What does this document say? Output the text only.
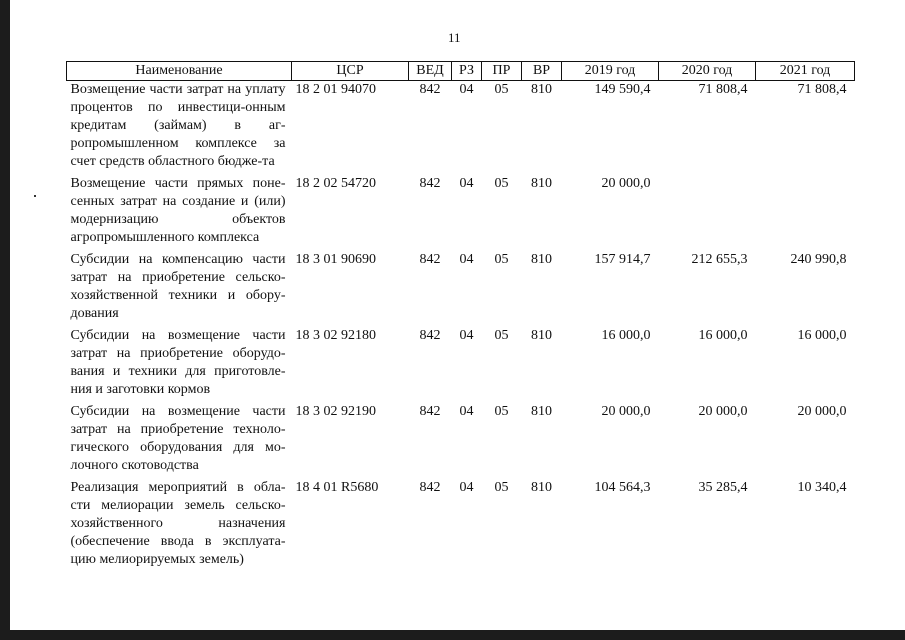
11
Наименование	ЦСР	ВЕД	РЗ	ПР	ВР	2019 год	2020 год	2021 год
Возмещение части затрат на уплату процентов по инвестици-онным кредитам (займам) в аг-ропромышленном комплексе за счет средств областного бюдже-та	18 2 01 94070	842	04	05	810	149 590,4	71 808,4	71 808,4
Возмещение части прямых поне-сенных затрат на создание и (или) модернизацию объектов агропромышленного комплекса	18 2 02 54720	842	04	05	810	20 000,0		
Субсидии на компенсацию части затрат на приобретение сельско-хозяйственной техники и обору-дования	18 3 01 90690	842	04	05	810	157 914,7	212 655,3	240 990,8
Субсидии на возмещение части затрат на приобретение оборудо-вания и техники для приготовле-ния и заготовки кормов	18 3 02 92180	842	04	05	810	16 000,0	16 000,0	16 000,0
Субсидии на возмещение части затрат на приобретение техноло-гического оборудования для мо-лочного скотоводства	18 3 02 92190	842	04	05	810	20 000,0	20 000,0	20 000,0
Реализация мероприятий в обла-сти мелиорации земель сельско-хозяйственного назначения (обеспечение ввода в эксплуата-цию мелиорируемых земель)	18 4 01 R5680	842	04	05	810	104 564,3	35 285,4	10 340,4
